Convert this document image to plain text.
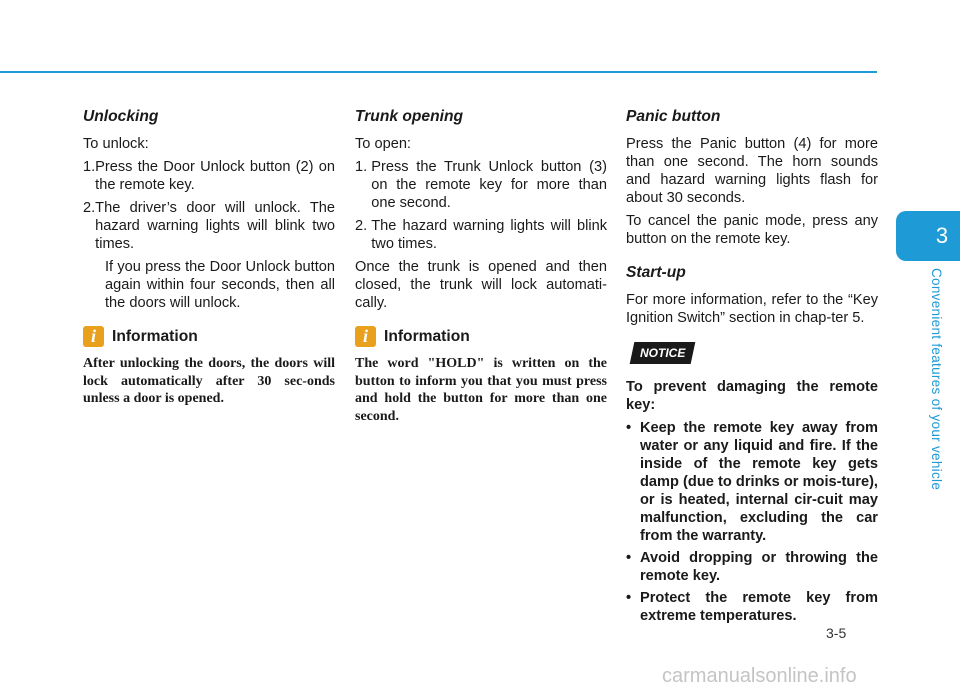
Unlocking

To unlock:

1. Press the Door Unlock button (2) on the remote key.
2. The driver’s door will unlock. The hazard warning lights will blink two times.

If you press the Door Unlock button again within four seconds, then all the doors will unlock.

i	Information
After unlocking the doors, the doors will lock automatically after 30 sec-onds unless a door is opened.
Trunk opening

To open:

1. Press the Trunk Unlock button (3) on the remote key for more than one second.
2. The hazard warning lights will blink two times.

Once the trunk is opened and then closed, the trunk will lock automati-cally.

i	Information
The word "HOLD" is written on the button to inform you that you must press and hold the button for more than one second.
Panic button

Press the Panic button (4) for more than one second. The horn sounds and hazard warning lights flash for about 30 seconds.

To cancel the panic mode, press any button on the remote key.

Start-up

For more information, refer to the “Key Ignition Switch” section in chap-ter 5.

NOTICE

To prevent damaging the remote key:

• Keep the remote key away from water or any liquid and fire. If the inside of the remote key gets damp (due to drinks or mois-ture), or is heated, internal cir-cuit may malfunction, excluding the car from the warranty.
• Avoid dropping or throwing the remote key.
• Protect the remote key from extreme temperatures.
3
Convenient features of your vehicle
3-5
carmanualsonline.info
